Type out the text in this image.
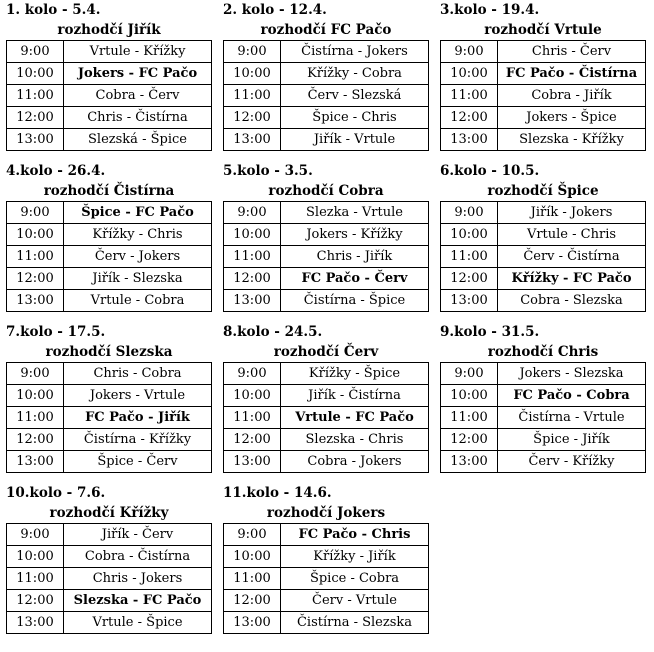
1. kolo - 5.4.
rozhodčí Jiřík
9:00	Vrtule - Křížky
10:00	Jokers - FC Pačo
11:00	Cobra - Červ
12:00	Chris - Čistírna
13:00	Slezská - Špice
2. kolo - 12.4.
rozhodčí FC Pačo
9:00	Čistírna - Jokers
10:00	Křížky - Cobra
11:00	Červ - Slezská
12:00	Špice - Chris
13:00	Jiřík - Vrtule
3.kolo - 19.4.
rozhodčí Vrtule
9:00	Chris - Červ
10:00	FC Pačo - Čistírna
11:00	Cobra - Jiřík
12:00	Jokers - Špice
13:00	Slezska - Křížky
4.kolo - 26.4.
rozhodčí Čistírna
9:00	Špice - FC Pačo
10:00	Křížky - Chris
11:00	Červ - Jokers
12:00	Jiřík - Slezska
13:00	Vrtule - Cobra
5.kolo - 3.5.
rozhodčí Cobra
9:00	Slezka - Vrtule
10:00	Jokers - Křížky
11:00	Chris - Jiřík
12:00	FC Pačo - Červ
13:00	Čistírna - Špice
6.kolo - 10.5.
rozhodčí Špice
9:00	Jiřík - Jokers
10:00	Vrtule - Chris
11:00	Červ - Čistírna
12:00	Křížky - FC Pačo
13:00	Cobra - Slezska
7.kolo - 17.5.
rozhodčí Slezska
9:00	Chris - Cobra
10:00	Jokers - Vrtule
11:00	FC Pačo - Jiřík
12:00	Čistírna - Křížky
13:00	Špice - Červ
8.kolo - 24.5.
rozhodčí Červ
9:00	Křížky - Špice
10:00	Jiřík - Čistírna
11:00	Vrtule - FC Pačo
12:00	Slezska - Chris
13:00	Cobra - Jokers
9.kolo - 31.5.
rozhodčí Chris
9:00	Jokers - Slezska
10:00	FC Pačo - Cobra
11:00	Čistírna - Vrtule
12:00	Špice - Jiřík
13:00	Červ - Křížky
10.kolo - 7.6.
rozhodčí Křížky
9:00	Jiřík - Červ
10:00	Cobra - Čistírna
11:00	Chris - Jokers
12:00	Slezska - FC Pačo
13:00	Vrtule - Špice
11.kolo - 14.6.
rozhodčí Jokers
9:00	FC Pačo - Chris
10:00	Křížky - Jiřík
11:00	Špice - Cobra
12:00	Červ - Vrtule
13:00	Čistírna - Slezska
